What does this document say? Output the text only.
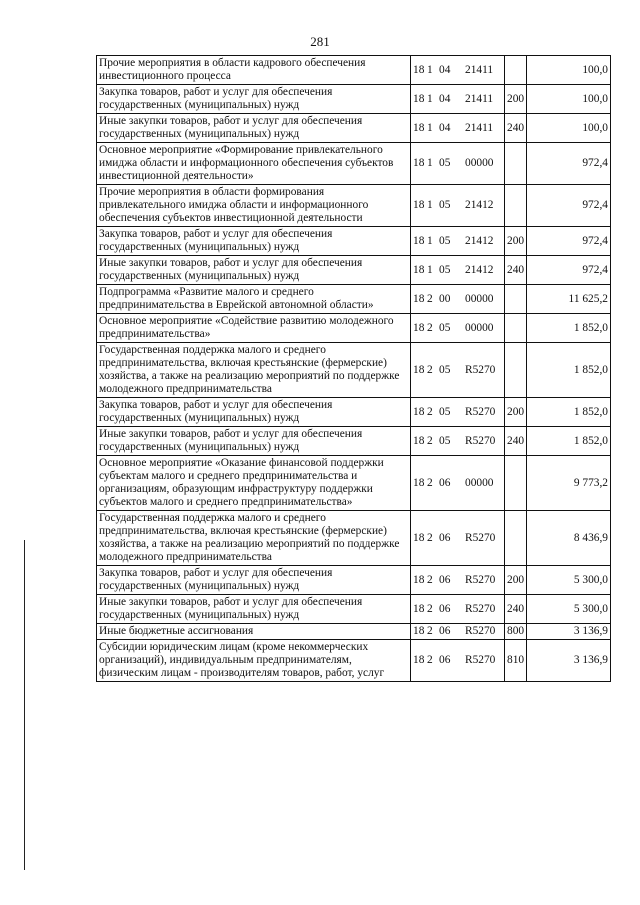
281
Прочие мероприятия в области кадрового обеспечения инвестиционного процесса	18 1 04 21411		100,0
Закупка товаров, работ и услуг для обеспечения государственных (муниципальных) нужд	18 1 04 21411	200	100,0
Иные закупки товаров, работ и услуг для обеспечения государственных (муниципальных) нужд	18 1 04 21411	240	100,0
Основное мероприятие «Формирование привлекательного имиджа области и информационного обеспечения субъектов инвестиционной деятельности»	18 1 05 00000		972,4
Прочие мероприятия в области формирования привлекательного имиджа области и информационного обеспечения субъектов инвестиционной деятельности	18 1 05 21412		972,4
Закупка товаров, работ и услуг для обеспечения государственных (муниципальных) нужд	18 1 05 21412	200	972,4
Иные закупки товаров, работ и услуг для обеспечения государственных (муниципальных) нужд	18 1 05 21412	240	972,4
Подпрограмма «Развитие малого и среднего предпринимательства в Еврейской автономной области»	18 2 00 00000		11 625,2
Основное мероприятие «Содействие развитию молодежного предпринимательства»	18 2 05 00000		1 852,0
Государственная поддержка малого и среднего предпринимательства, включая крестьянские (фермерские) хозяйства, а также на реализацию мероприятий по поддержке молодежного предпринимательства	18 2 05 R5270		1 852,0
Закупка товаров, работ и услуг для обеспечения государственных (муниципальных) нужд	18 2 05 R5270	200	1 852,0
Иные закупки товаров, работ и услуг для обеспечения государственных (муниципальных) нужд	18 2 05 R5270	240	1 852,0
Основное мероприятие «Оказание финансовой поддержки субъектам малого и среднего предпринимательства и организациям, образующим инфраструктуру поддержки субъектов малого и среднего предпринимательства»	18 2 06 00000		9 773,2
Государственная поддержка малого и среднего предпринимательства, включая крестьянские (фермерские) хозяйства, а также на реализацию мероприятий по поддержке молодежного предпринимательства	18 2 06 R5270		8 436,9
Закупка товаров, работ и услуг для обеспечения государственных (муниципальных) нужд	18 2 06 R5270	200	5 300,0
Иные закупки товаров, работ и услуг для обеспечения государственных (муниципальных) нужд	18 2 06 R5270	240	5 300,0
Иные бюджетные ассигнования	18 2 06 R5270	800	3 136,9
Субсидии юридическим лицам (кроме некоммерческих организаций), индивидуальным предпринимателям, физическим лицам - производителям товаров, работ, услуг	18 2 06 R5270	810	3 136,9
